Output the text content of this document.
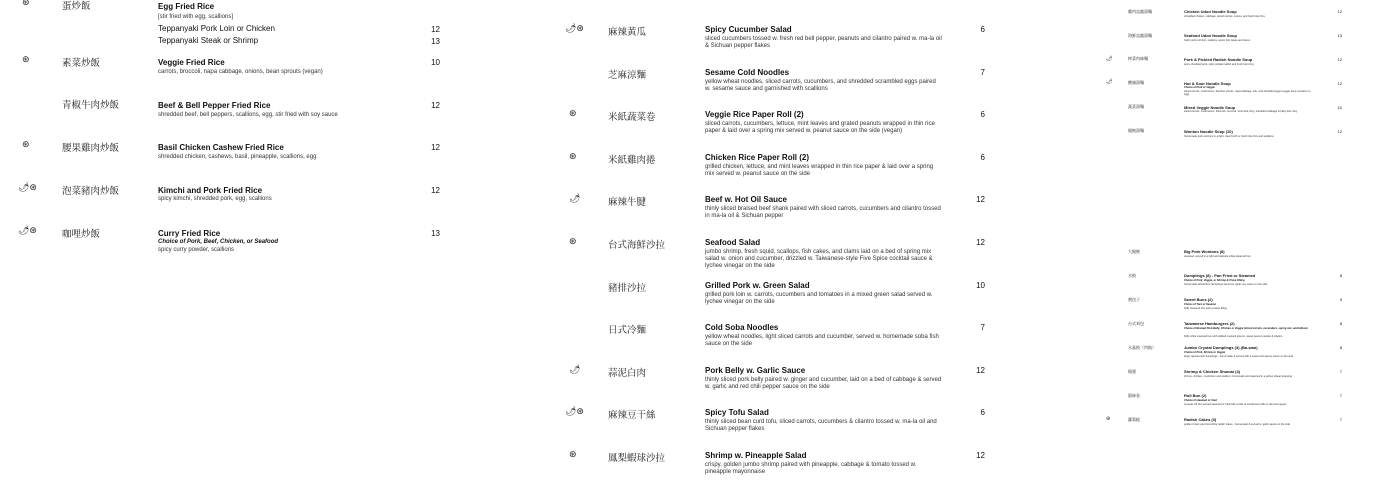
⊛	蛋炒飯	Egg Fried Rice
[stir fried with egg, scallions]
Teppanyaki Pork Loin or Chicken	12
Teppanyaki Steak or Shrimp	13
⊛	素菜炒飯	Veggie Fried Rice
carrots, broccoli, napa cabbage, onions, bean sprouts (vegan)
10
青椒牛肉炒飯	Beef & Bell Pepper Fried Rice
shredded beef, bell peppers, scallions, egg, stir fried with soy sauce
12
⊛	腰果雞肉炒飯	Basil Chicken Cashew Fried Rice
shredded chicken, cashews, basil, pineapple, scallions, egg
12
🌶⊛	泡菜豬肉炒飯	Kimchi and Pork Fried Rice
spicy kimchi, shredded pork, egg, scallions
12
🌶⊛	咖哩炒飯	Curry Fried Rice
Choice of Pork, Beef, Chicken, or Seafood
spicy curry powder, scallions
13
🌶⊛	麻辣黃瓜	Spicy Cucumber Salad
sliced cucumbers tossed w. fresh red bell pepper, peanuts and cilantro paired w. ma-la oil & Sichuan pepper flakes
6
芝麻涼麵	Sesame Cold Noodles
yellow wheat noodles, sliced carrots, cucumbers, and shredded scrambled eggs paired w. sesame sauce and garnished with scallions
7
⊛	米紙蔬菜卷	Veggie Rice Paper Roll (2)
sliced carrots, cucumbers, lettuce, mint leaves and grated peanuts wrapped in thin rice paper & laid over a spring mix served w. peanut sauce on the side (vegan)
6
⊛	米紙雞肉捲	Chicken Rice Paper Roll (2)
grilled chicken, lettuce, and mint leaves wrapped in thin rice paper & laid over a spring mix served w. peanut sauce on the side
6
🌶	麻辣牛腱	Beef w. Hot Oil Sauce
thinly sliced braised beef shank paired with sliced carrots, cucumbers and cilantro tossed in ma-la oil & Sichuan pepper
12
⊛	台式海鮮沙拉	Seafood Salad
jumbo shrimp, fresh squid, scallops, fish cakes, and clams laid on a bed of spring mix salad w. onion and cucumber, drizzled w. Taiwanese-style Five Spice cocktail sauce & lychee vinegar on the side
12
豬排沙拉	Grilled Pork w. Green Salad
grilled pork loin w. carrots, cucumbers and tomatoes in a mixed green salad served w. lychee vinegar on the side
10
日式冷麵	Cold Soba Noodles
yellow wheat noodles, light sliced carrots and cucumber, served w. homemade soba fish sauce on the side
7
🌶	蒜泥白肉	Pork Belly w. Garlic Sauce
thinly sliced pork belly paired w. ginger and cucumber, laid on a bed of cabbage & served w. garlic and red chili pepper sauce on the side
12
🌶⊛	麻辣豆干絲	Spicy Tofu Salad
thinly sliced bean curd tofu, sliced carrots, cucumbers & cilantro tossed w. ma-la oil and Sichuan pepper flakes
6
⊛	鳳梨蝦球沙拉	Shrimp w. Pineapple Salad
crispy, golden jumbo shrimp paired with pineapple, cabbage & tomato tossed w. pineapple mayonnaise
12
雞肉烏龍湯麵	Chicken Udon Noodle Soup
shredded chicken, cabbage, sliced carrots, onions, and fresh bok choy
12
海鮮烏龍湯麵	Seafood Udon Noodle Soup
fresh jumbo shrimp, scallops, squid, fish cakes and clams
13
🌶	榨菜肉絲麵	Pork & Pickled Radish Noodle Soup
spicy shredded pork, spicy pickled radish and fresh bok choy
12
🌶	酸辣湯麵	Hot & Sour Noodle Soup
Choice of Pork or Veggie
sliced carrots, mushrooms, bamboo shoots, napa cabbage, tofu, and shredded eggs (veggie soup contains no egg)
12
蔬菜湯麵	Mixed Veggie Noodle Soup
sliced carrots, mushrooms, fried tofu, broccoli, fresh bok choy, shredded cabbage & baby bok choy
10
餛飩湯麵	Wonton Noodle Soup (10)
homemade pork wontons in a light, clear broth w. fresh bok choy and scallions
12
大餛飩	Big Pork Wontons (8)
steamed, served in a light and delicate white steamed bun
水餃	Dumplings (8) - Pan Fried or Steamed
Choice of Pork, Veggie, or Shrimp & Chive Filling
homemade wheat flour dumplings served w. garlic soy sauce on the side
8
割包子	Sweet Buns (2)
Choice of Taro or Sesame
fluffy steamed bun with a sweet filling
5
台式刈包	Taiwanese Hamburgers (2)
Choice of Braised Pork Belly, Chicken or Veggie (sliced carrots, cucumbers, spring mix, and lettuce)
fluffy white steamed bun with pickled mustard greens, sweet peanut powder & cilantro
8
水晶餃（肉餡）	Jumbo Crystal Dumplings (3) (Ba-wan)
Choice of Pork, Shrimp or Veggie
large, tapioca skin dumplings - homemade & served with a sweet and savory sauce on the side
8
燒賣	Shrimp & Chicken Shumai (4)
shrimp, chicken, mushroom and scallion, homemade and steamed in a yellow wheat wrapping
7
銀絲卷	Roll Bun (2)
Choice of steamed or fried
A sweet roll bun served steamed or fried with a side of condensed milk or salt and pepper
7
⊛	蘿蔔糕	Radish Cakes (3)
golden brown pan-fried white radish cakes - homemade & served w. garlic sauce on the side
7
